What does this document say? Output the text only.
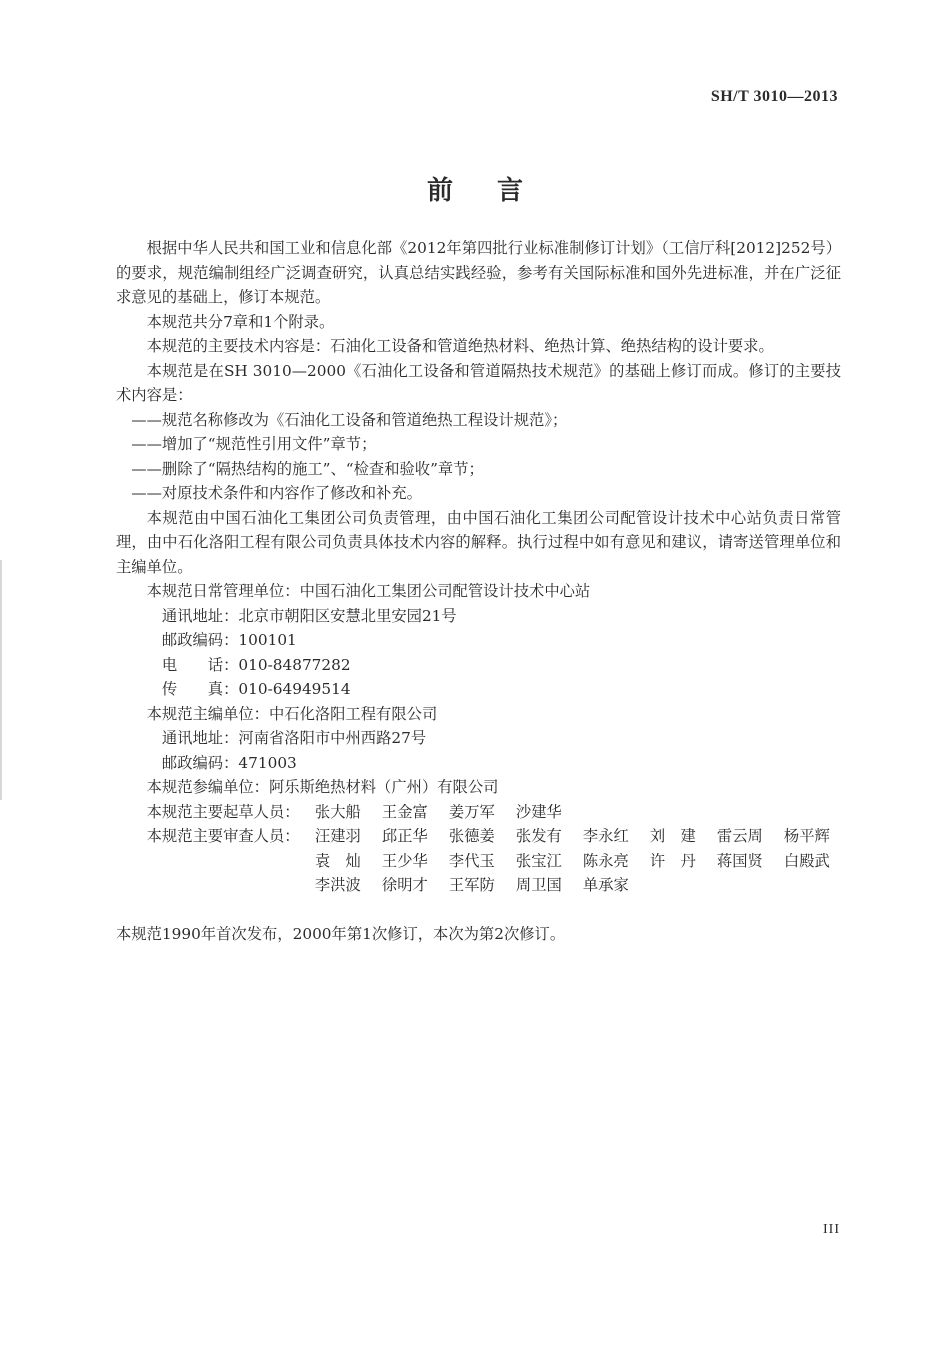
SH/T 3010—2013
前言

根据中华人民共和国工业和信息化部《2012年第四批行业标准制修订计划》（工信厅科[2012]252号）的要求，规范编制组经广泛调查研究，认真总结实践经验，参考有关国际标准和国外先进标准，并在广泛征求意见的基础上，修订本规范。

本规范共分7章和1个附录。

本规范的主要技术内容是：石油化工设备和管道绝热材料、绝热计算、绝热结构的设计要求。

本规范是在SH 3010—2000《石油化工设备和管道隔热技术规范》的基础上修订而成。修订的主要技术内容是：

——规范名称修改为《石油化工设备和管道绝热工程设计规范》；

——增加了“规范性引用文件”章节；

——删除了“隔热结构的施工”、“检查和验收”章节；

——对原技术条件和内容作了修改和补充。

本规范由中国石油化工集团公司负责管理，由中国石油化工集团公司配管设计技术中心站负责日常管理，由中石化洛阳工程有限公司负责具体技术内容的解释。执行过程中如有意见和建议，请寄送管理单位和主编单位。

本规范日常管理单位：中国石油化工集团公司配管设计技术中心站

通讯地址：北京市朝阳区安慧北里安园21号

邮政编码：100101

电　　话：010-84877282

传　　真：010-64949514

本规范主编单位：中石化洛阳工程有限公司

通讯地址：河南省洛阳市中州西路27号

邮政编码：471003

本规范参编单位：阿乐斯绝热材料（广州）有限公司

本规范主要起草人员：	张大船	王金富	姜万军	沙建华
本规范主要审查人员：	汪建羽	邱正华	张德姜	张发有	李永红	刘　建	雷云周	杨平辉
袁　灿	王少华	李代玉	张宝江	陈永亮	许　丹	蒋国贤	白殿武
李洪波	徐明才	王军防	周卫国	单承家

本规范1990年首次发布，2000年第1次修订，本次为第2次修订。

III
